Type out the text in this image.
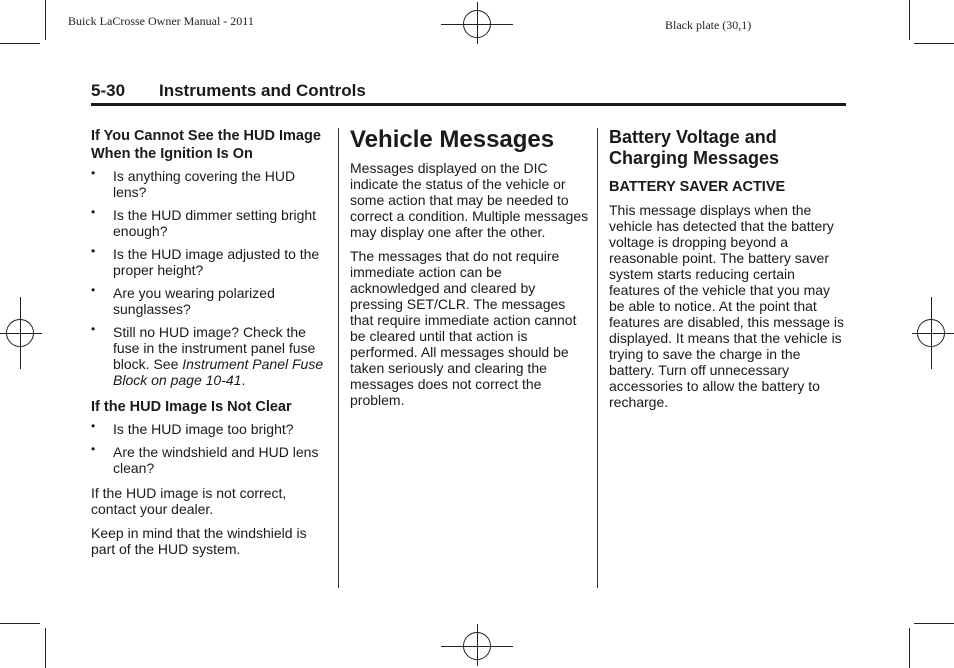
Buick LaCrosse Owner Manual - 2011	Black plate (30,1)
5-30 Instruments and Controls
If You Cannot See the HUD Image When the Ignition Is On
• Is anything covering the HUD lens?
• Is the HUD dimmer setting bright enough?
• Is the HUD image adjusted to the proper height?
• Are you wearing polarized sunglasses?
• Still no HUD image? Check the fuse in the instrument panel fuse block. See Instrument Panel Fuse Block on page 10-41.
If the HUD Image Is Not Clear
• Is the HUD image too bright?
• Are the windshield and HUD lens clean?
If the HUD image is not correct, contact your dealer.
Keep in mind that the windshield is part of the HUD system.
Vehicle Messages
Messages displayed on the DIC indicate the status of the vehicle or some action that may be needed to correct a condition. Multiple messages may display one after the other.
The messages that do not require immediate action can be acknowledged and cleared by pressing SET/CLR. The messages that require immediate action cannot be cleared until that action is performed. All messages should be taken seriously and clearing the messages does not correct the problem.
Battery Voltage and Charging Messages
BATTERY SAVER ACTIVE
This message displays when the vehicle has detected that the battery voltage is dropping beyond a reasonable point. The battery saver system starts reducing certain features of the vehicle that you may be able to notice. At the point that features are disabled, this message is displayed. It means that the vehicle is trying to save the charge in the battery. Turn off unnecessary accessories to allow the battery to recharge.
